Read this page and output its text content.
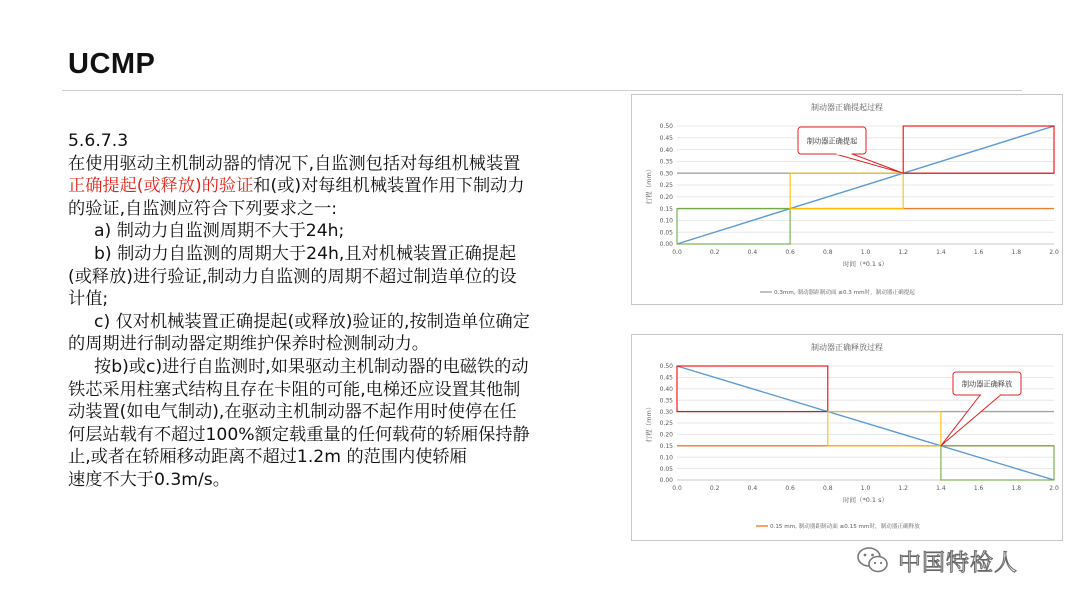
UCMP
5.6.7.3
在使用驱动主机制动器的情况下,自监测包括对每组机械装置
正确提起(或释放)的验证和(或)对每组机械装置作用下制动力
的验证,自监测应符合下列要求之一:
a) 制动力自监测周期不大于24h;
b) 制动力自监测的周期大于24h,且对机械装置正确提起
(或释放)进行验证,制动力自监测的周期不超过制造单位的设
计值;
c) 仅对机械装置正确提起(或释放)验证的,按制造单位确定
的周期进行制动器定期维护保养时检测制动力。
按b)或c)进行自监测时,如果驱动主机制动器的电磁铁的动
铁芯采用柱塞式结构且存在卡阻的可能,电梯还应设置其他制
动装置(如电气制动),在驱动主机制动器不起作用时使停在任
何层站载有不超过100%额定载重量的任何载荷的轿厢保持静
止,或者在轿厢移动距离不超过1.2m 的范围内使轿厢
速度不大于0.3m/s。
制动器正确提起过程
0.00
0.05
0.10
0.15
0.20
0.25
0.30
0.35
0.40
0.45
0.50
0.0	0.2	0.4	0.6	0.8	1.0	1.2	1.4	1.6	1.8	2.0
时间（*0.1 s）
行程（mm）
制动器正确提起
0.3mm, 制动器距制动面 ≥0.3 mm时，制动器正确提起
制动器正确释放过程
0.00
0.05
0.10
0.15
0.20
0.25
0.30
0.35
0.40
0.45
0.50
0.0	0.2	0.4	0.6	0.8	1.0	1.2	1.4	1.6	1.8	2.0
时间（*0.1 s）
行程（mm）
制动器正确释放
0.15 mm, 制动器距制动面 ≤0.15 mm时，制动器正确释放
中国特检人
